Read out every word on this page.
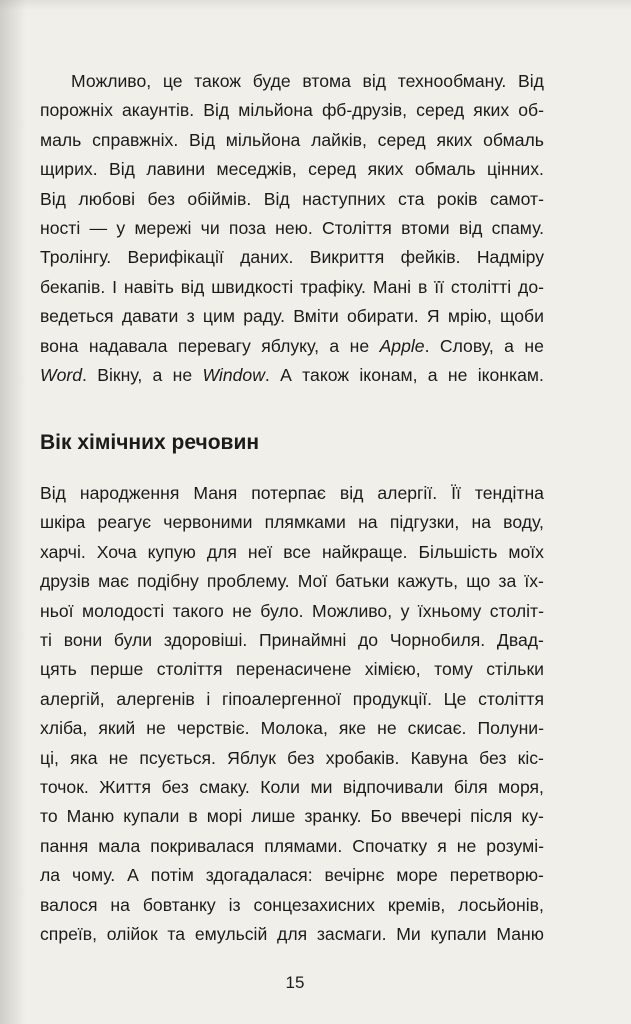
Можливо, це також буде втома від технообману. Від
порожніх акаунтів. Від мільйона фб-друзів, серед яких об-
маль справжніх. Від мільйона лайків, серед яких обмаль
щирих. Від лавини меседжів, серед яких обмаль цінних.
Від любові без обіймів. Від наступних ста років самот-
ності — у мережі чи поза нею. Століття втоми від спаму.
Тролінгу. Верифікації даних. Викриття фейків. Надміру
бекапів. І навіть від швидкості трафіку. Мані в її столітті до-
ведеться давати з цим раду. Вміти обирати. Я мрію, щоби
вона надавала перевагу яблуку, а не Apple. Слову, а не
Word. Вікну, а не Window. А також іконам, а не іконкам.
Вік хімічних речовин
Від народження Маня потерпає від алергії. Її тендітна
шкіра реагує червоними плямками на підгузки, на воду,
харчі. Хоча купую для неї все найкраще. Більшість моїх
друзів має подібну проблему. Мої батьки кажуть, що за їх-
ньої молодості такого не було. Можливо, у їхньому століт-
ті вони були здоровіші. Принаймні до Чорнобиля. Двад-
цять перше століття перенасичене хімією, тому стільки
алергій, алергенів і гіпоалергенної продукції. Це століття
хліба, який не черствіє. Молока, яке не скисає. Полуни-
ці, яка не псується. Яблук без хробаків. Кавуна без кіс-
точок. Життя без смаку. Коли ми відпочивали біля моря,
то Маню купали в морі лише зранку. Бо ввечері після ку-
пання мала покривалася плямами. Спочатку я не розумі-
ла чому. А потім здогадалася: вечірнє море перетворю-
валося на бовтанку із сонцезахисних кремів, лосьйонів,
спреїв, олійок та емульсій для засмаги. Ми купали Маню
15
